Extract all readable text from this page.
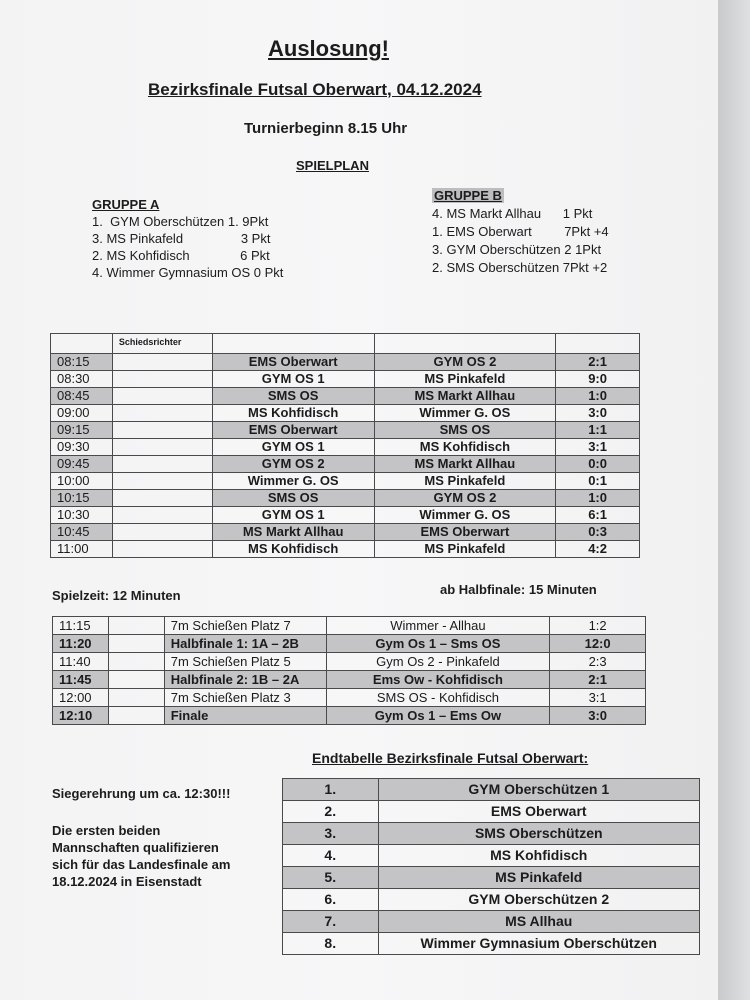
Auslosung!
Bezirksfinale Futsal Oberwart, 04.12.2024
Turnierbeginn 8.15 Uhr
SPIELPLAN
GRUPPE A
1.  GYM Oberschützen 1. 9Pkt
3. MS Pinkafeld                3 Pkt
2. MS Kohfidisch              6 Pkt
4. Wimmer Gymnasium OS 0 Pkt
GRUPPE B
4. MS Markt Allhau      1 Pkt
1. EMS Oberwart         7Pkt +4
3. GYM Oberschützen 2 1Pkt
2. SMS Oberschützen 7Pkt +2
	Schiedsrichter			
08:15		EMS Oberwart	GYM OS 2	2:1
08:30		GYM OS 1	MS Pinkafeld	9:0
08:45		SMS OS	MS Markt Allhau	1:0
09:00		MS Kohfidisch	Wimmer G. OS	3:0
09:15		EMS Oberwart	SMS OS	1:1
09:30		GYM OS 1	MS Kohfidisch	3:1
09:45		GYM OS 2	MS Markt Allhau	0:0
10:00		Wimmer G. OS	MS Pinkafeld	0:1
10:15		SMS OS	GYM OS 2	1:0
10:30		GYM OS 1	Wimmer G. OS	6:1
10:45		MS Markt Allhau	EMS Oberwart	0:3
11:00		MS Kohfidisch	MS Pinkafeld	4:2
Spielzeit: 12 Minuten	ab Halbfinale: 15 Minuten
11:15		7m Schießen Platz 7	Wimmer - Allhau	1:2
11:20		Halbfinale 1: 1A – 2B	Gym Os 1 – Sms OS	12:0
11:40		7m Schießen Platz 5	Gym Os 2 - Pinkafeld	2:3
11:45		Halbfinale 2: 1B – 2A	Ems Ow - Kohfidisch	2:1
12:00		7m Schießen Platz 3	SMS OS - Kohfidisch	3:1
12:10		Finale	Gym Os 1 – Ems Ow	3:0
Endtabelle Bezirksfinale Futsal Oberwart:
Siegerehrung um ca. 12:30!!!
Die ersten beiden
Mannschaften qualifizieren
sich für das Landesfinale am
18.12.2024 in Eisenstadt
1.	GYM Oberschützen 1
2.	EMS Oberwart
3.	SMS Oberschützen
4.	MS Kohfidisch
5.	MS Pinkafeld
6.	GYM Oberschützen 2
7.	MS Allhau
8.	Wimmer Gymnasium Oberschützen
